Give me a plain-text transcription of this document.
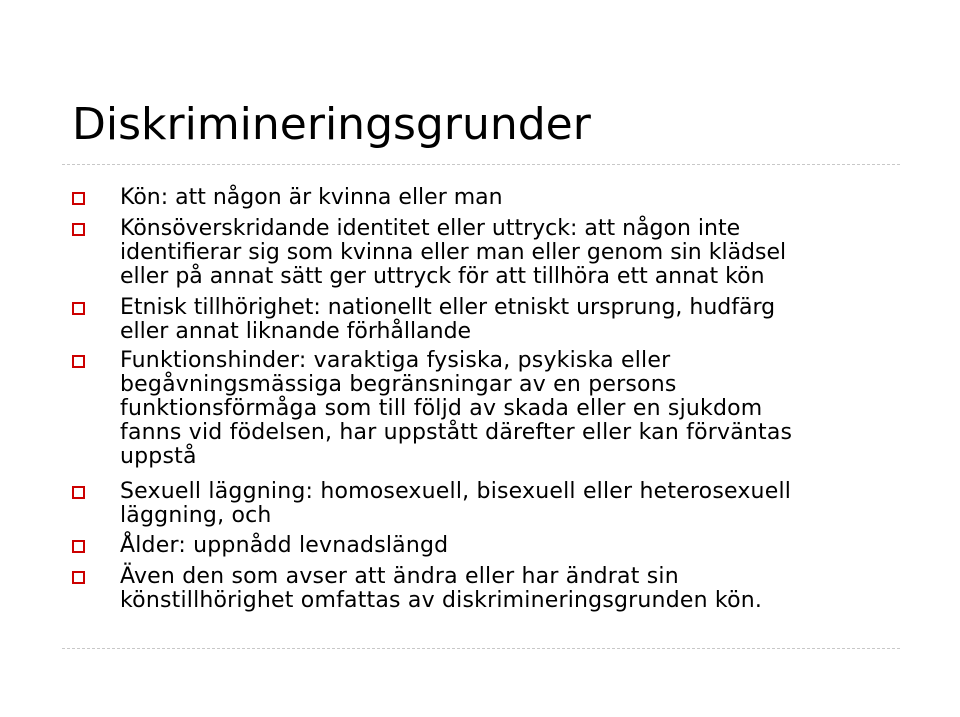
Diskrimineringsgrunder
Kön: att någon är kvinna eller man
Könsöverskridande identitet eller uttryck: att någon inte
identifierar sig som kvinna eller man eller genom sin klädsel
eller på annat sätt ger uttryck för att tillhöra ett annat kön
Etnisk tillhörighet: nationellt eller etniskt ursprung, hudfärg
eller annat liknande förhållande
Funktionshinder: varaktiga fysiska, psykiska eller
begåvningsmässiga begränsningar av en persons
funktionsförmåga som till följd av skada eller en sjukdom
fanns vid födelsen, har uppstått därefter eller kan förväntas
uppstå
Sexuell läggning: homosexuell, bisexuell eller heterosexuell
läggning, och
Ålder: uppnådd levnadslängd
Även den som avser att ändra eller har ändrat sin
könstillhörighet omfattas av diskrimineringsgrunden kön.
